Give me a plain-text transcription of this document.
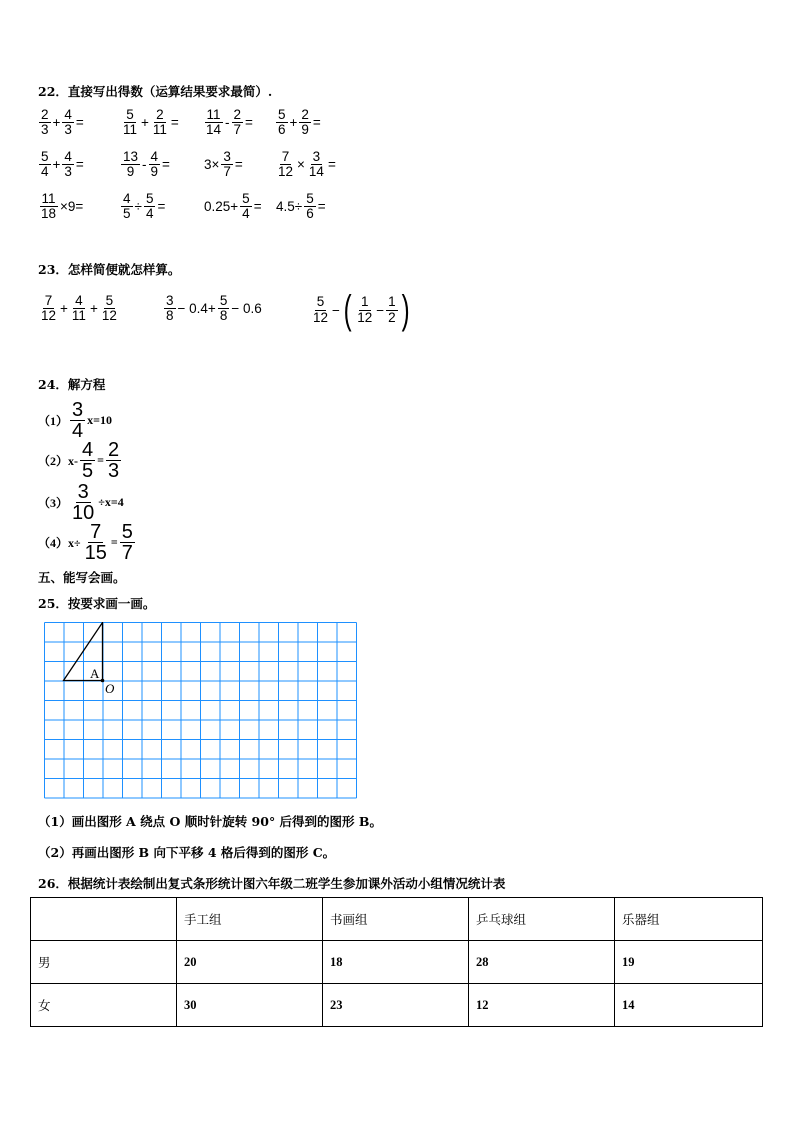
22．直接写出得数（运算结果要求最简）.
$\frac{2}{3} + \frac{4}{3}$ =	$\frac{5}{11} + \frac{2}{11} = \frac{11}{14} - \frac{2}{7} = \frac{5}{6} + \frac{2}{9}$ =
$\frac{5}{4} + \frac{4}{3}$ =	$\frac{13}{9} - \frac{4}{9}$ =	$3\times \frac{3}{7} = \frac{7}{12} \times \frac{3}{14}$ =
$\frac{11}{18} \times 9=$	$\frac{4}{5} \div \frac{5}{4}$ =	$0.25+ \frac{5}{4} = 4.5\div \frac{5}{6}$ =
23．怎样简便就怎样算。
$\frac{7}{12} + \frac{4}{11} + \frac{5}{12}$	$\frac{3}{8} - 0.4+ \frac{5}{8} - 0.6$	$\frac{5}{12}$ − ( $\frac{1}{12} - \frac{1}{2}$ )
24．解方程
（1） 3
4 x=10
$(2)x- \frac{4}{5} = \frac{2}{3}$
$(3) \frac{3}{10} \div x=4$
$(4)x\div \frac{7}{15} = \frac{5}{7}$
五、能写会画。
25．按要求画一画。
A
O
（1）画出图形 A 绕点 O 顺时针旋转 90° 后得到的图形 B。
（2）再画出图形 B 向下平移 4 格后得到的图形 C。
26．根据统计表绘制出复式条形统计图六年级二班学生参加课外活动小组情况统计表
	手工组	书画组	乒乓球组	乐器组
男	20	18	28	19
女	30	23	12	14
